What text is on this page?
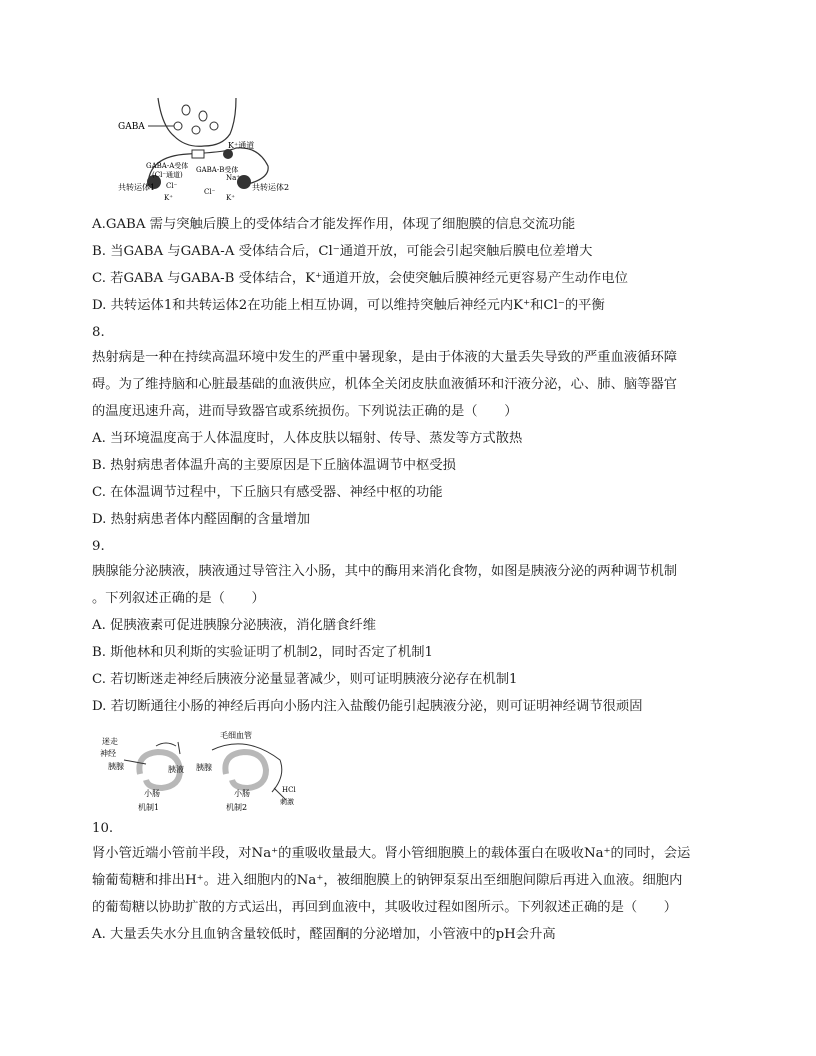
GABA
K⁺通道
GABA-A受体
(Cl⁻通道)
GABA-B受体
Na⁺
共转运体1 Cl⁻
K⁺
Cl⁻	共转运体2
K⁺
A.GABA 需与突触后膜上的受体结合才能发挥作用，体现了细胞膜的信息交流功能
B. 当GABA 与GABA-A 受体结合后，Cl⁻通道开放，可能会引起突触后膜电位差增大
C. 若GABA 与GABA-B 受体结合，K⁺通道开放，会使突触后膜神经元更容易产生动作电位
D. 共转运体1和共转运体2在功能上相互协调，可以维持突触后神经元内K⁺和Cl⁻的平衡
8.
热射病是一种在持续高温环境中发生的严重中暑现象，是由于体液的大量丢失导致的严重血液循环障
碍。为了维持脑和心脏最基础的血液供应，机体全关闭皮肤血液循环和汗液分泌，心、肺、脑等器官
的温度迅速升高，进而导致器官或系统损伤。下列说法正确的是（　　）
A. 当环境温度高于人体温度时，人体皮肤以辐射、传导、蒸发等方式散热
B. 热射病患者体温升高的主要原因是下丘脑体温调节中枢受损
C. 在体温调节过程中，下丘脑只有感受器、神经中枢的功能
D. 热射病患者体内醛固酮的含量增加
9.
胰腺能分泌胰液，胰液通过导管注入小肠，其中的酶用来消化食物，如图是胰液分泌的两种调节机制
。下列叙述正确的是（　　）
A. 促胰液素可促进胰腺分泌胰液，消化膳食纤维
B. 斯他林和贝利斯的实验证明了机制2，同时否定了机制1
C. 若切断迷走神经后胰液分泌量显著减少，则可证明胰液分泌存在机制1
D. 若切断通往小肠的神经后再向小肠内注入盐酸仍能引起胰液分泌，则可证明神经调节很顽固
迷走
神经
胰腺	胰液
小肠
机制1
毛细血管
胰腺
小肠
机制2
HCl
刺激
10.
肾小管近端小管前半段，对Na⁺的重吸收量最大。肾小管细胞膜上的载体蛋白在吸收Na⁺的同时，会运
输葡萄糖和排出H⁺。进入细胞内的Na⁺，被细胞膜上的钠钾泵泵出至细胞间隙后再进入血液。细胞内
的葡萄糖以协助扩散的方式运出，再回到血液中，其吸收过程如图所示。下列叙述正确的是（　　）
A. 大量丢失水分且血钠含量较低时，醛固酮的分泌增加，小管液中的pH会升高
